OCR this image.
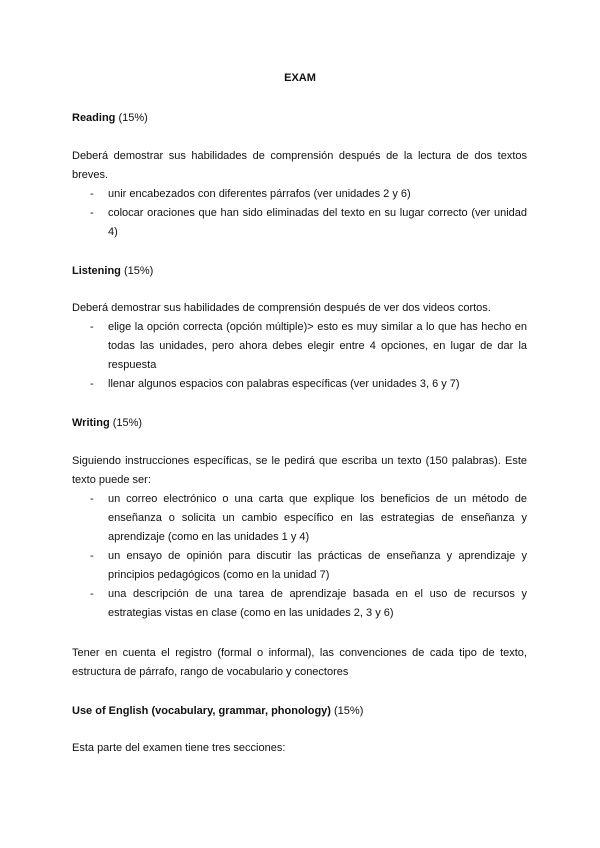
EXAM
Reading (15%)
Deberá demostrar sus habilidades de comprensión después de la lectura de dos textos breves.
- unir encabezados con diferentes párrafos (ver unidades 2 y 6)
- colocar oraciones que han sido eliminadas del texto en su lugar correcto (ver unidad 4)
Listening (15%)
Deberá demostrar sus habilidades de comprensión después de ver dos videos cortos.
- elige la opción correcta (opción múltiple)> esto es muy similar a lo que has hecho en todas las unidades, pero ahora debes elegir entre 4 opciones, en lugar de dar la respuesta
- llenar algunos espacios con palabras específicas (ver unidades 3, 6 y 7)
Writing (15%)
Siguiendo instrucciones específicas, se le pedirá que escriba un texto (150 palabras). Este texto puede ser:
- un correo electrónico o una carta que explique los beneficios de un método de enseñanza o solicita un cambio específico en las estrategias de enseñanza y aprendizaje (como en las unidades 1 y 4)
- un ensayo de opinión para discutir las prácticas de enseñanza y aprendizaje y principios pedagógicos (como en la unidad 7)
- una descripción de una tarea de aprendizaje basada en el uso de recursos y estrategias vistas en clase (como en las unidades 2, 3 y 6)
Tener en cuenta el registro (formal o informal), las convenciones de cada tipo de texto, estructura de párrafo, rango de vocabulario y conectores
Use of English (vocabulary, grammar, phonology) (15%)
Esta parte del examen tiene tres secciones:
